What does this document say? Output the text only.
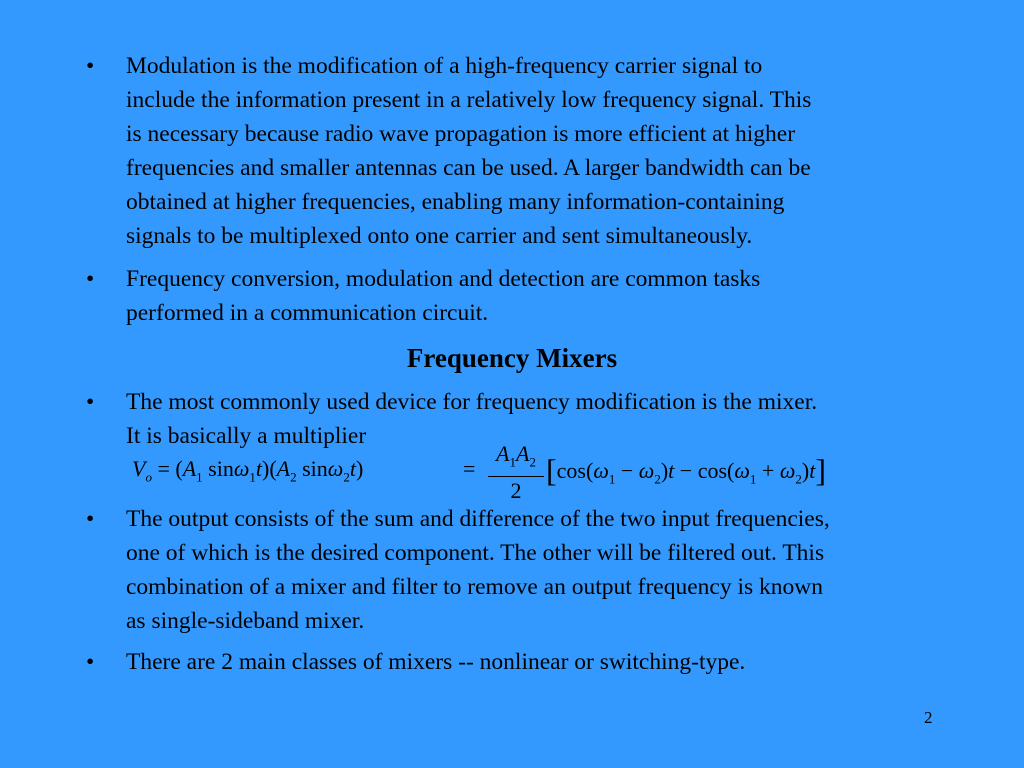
•	Modulation is the modification of a high-frequency carrier signal to
include the information present in a relatively low frequency signal. This
is necessary because radio wave propagation is more efficient at higher
frequencies and smaller antennas can be used. A larger bandwidth can be
obtained at higher frequencies, enabling many information-containing
signals to be multiplexed onto one carrier and sent simultaneously.
•	Frequency conversion, modulation and detection are common tasks
performed in a communication circuit.
Frequency Mixers
•	The most commonly used device for frequency modification is the mixer.
It is basically a multiplier
$V_o = (A_1$ $\sin\omega_1t)(A_2$ sinω$_2$t)	= $\frac{A_1A_2}{2} [\cos(\omega_1 - \omega_2)t - \cos(\omega_1 + \omega_2)t]$
•	The output consists of the sum and difference of the two input frequencies,
one of which is the desired component. The other will be filtered out. This
combination of a mixer and filter to remove an output frequency is known
as single-sideband mixer.
•	There are 2 main classes of mixers -- nonlinear or switching-type.
2
